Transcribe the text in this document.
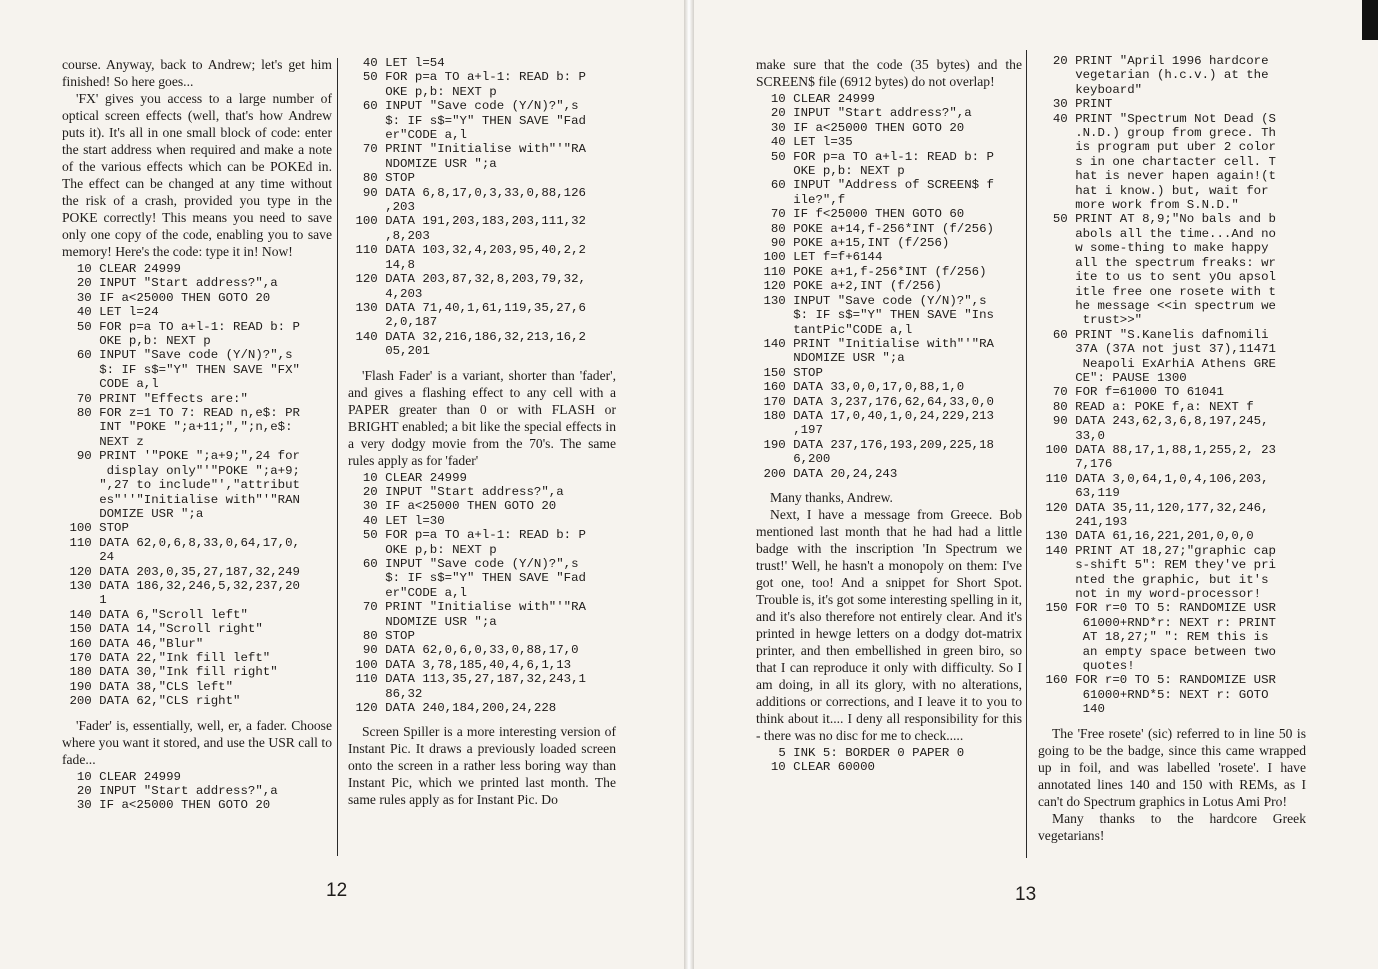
course. Anyway, back to Andrew; let's get him finished! So here goes...

'FX' gives you access to a large number of optical screen effects (well, that's how Andrew puts it). It's all in one small block of code: enter the start address when required and make a note of the various effects which can be POKEd in. The effect can be changed at any time without the risk of a crash, provided you type in the POKE correctly! This means you need to save only one copy of the code, enabling you to save memory! Here's the code: type it in! Now!

10 CLEAR 24999
20 INPUT "Start address?",a
30 IF a<25000 THEN GOTO 20
40 LET l=24
50 FOR p=a TO a+l-1: READ b: P
OKE p,b: NEXT p
60 INPUT "Save code (Y/N)?",s
$: IF s$="Y" THEN SAVE "FX"
CODE a,l
70 PRINT "Effects are:"
80 FOR z=1 TO 7: READ n,e$: PR
INT "POKE ";a+11;",";n,e$:
NEXT z
90 PRINT '"POKE ";a+9;",24 for
display only"'"POKE ";a+9;
",27 to include"',"attribut
es"''"Initialise with"'"RAN
DOMIZE USR ";a
100 STOP
110 DATA 62,0,6,8,33,0,64,17,0,
24
120 DATA 203,0,35,27,187,32,249
130 DATA 186,32,246,5,32,237,20
1
140 DATA 6,"Scroll left"
150 DATA 14,"Scroll right"
160 DATA 46,"Blur"
170 DATA 22,"Ink fill left"
180 DATA 30,"Ink fill right"
190 DATA 38,"CLS left"
200 DATA 62,"CLS right"

'Fader' is, essentially, well, er, a fader. Choose where you want it stored, and use the USR call to fade...

10 CLEAR 24999
20 INPUT "Start address?",a
30 IF a<25000 THEN GOTO 20
40 LET l=54
50 FOR p=a TO a+l-1: READ b: P
OKE p,b: NEXT p
60 INPUT "Save code (Y/N)?",s
$: IF s$="Y" THEN SAVE "Fad
er"CODE a,l
70 PRINT "Initialise with"'"RA
NDOMIZE USR ";a
80 STOP
90 DATA 6,8,17,0,3,33,0,88,126
,203
100 DATA 191,203,183,203,111,32
,8,203
110 DATA 103,32,4,203,95,40,2,2
14,8
120 DATA 203,87,32,8,203,79,32,
4,203
130 DATA 71,40,1,61,119,35,27,6
2,0,187
140 DATA 32,216,186,32,213,16,2
05,201

'Flash Fader' is a variant, shorter than 'fader', and gives a flashing effect to any cell with a PAPER greater than 0 or with FLASH or BRIGHT enabled; a bit like the special effects in a very dodgy movie from the 70's. The same rules apply as for 'fader'

10 CLEAR 24999
20 INPUT "Start address?",a
30 IF a<25000 THEN GOTO 20
40 LET l=30
50 FOR p=a TO a+l-1: READ b: P
OKE p,b: NEXT p
60 INPUT "Save code (Y/N)?",s
$: IF s$="Y" THEN SAVE "Fad
er"CODE a,l
70 PRINT "Initialise with"'"RA
NDOMIZE USR ";a
80 STOP
90 DATA 62,0,6,0,33,0,88,17,0
100 DATA 3,78,185,40,4,6,1,13
110 DATA 113,35,27,187,32,243,1
86,32
120 DATA 240,184,200,24,228

Screen Spiller is a more interesting version of Instant Pic. It draws a previously loaded screen onto the screen in a rather less boring way than Instant Pic, which we printed last month. The same rules apply as for Instant Pic. Do

12

make sure that the code (35 bytes) and the SCREEN$ file (6912 bytes) do not overlap!

10 CLEAR 24999
20 INPUT "Start address?",a
30 IF a<25000 THEN GOTO 20
40 LET l=35
50 FOR p=a TO a+l-1: READ b: P
OKE p,b: NEXT p
60 INPUT "Address of SCREEN$ f
ile?",f
70 IF f<25000 THEN GOTO 60
80 POKE a+14,f-256*INT (f/256)
90 POKE a+15,INT (f/256)
100 LET f=f+6144
110 POKE a+1,f-256*INT (f/256)
120 POKE a+2,INT (f/256)
130 INPUT "Save code (Y/N)?",s
$: IF s$="Y" THEN SAVE "Ins
tantPic"CODE a,l
140 PRINT "Initialise with"'"RA
NDOMIZE USR ";a
150 STOP
160 DATA 33,0,0,17,0,88,1,0
170 DATA 3,237,176,62,64,33,0,0
180 DATA 17,0,40,1,0,24,229,213
,197
190 DATA 237,176,193,209,225,18
6,200
200 DATA 20,24,243

Many thanks, Andrew.

Next, I have a message from Greece. Bob mentioned last month that he had had a little badge with the inscription 'In Spectrum we trust!' Well, he hasn't a monopoly on them: I've got one, too! And a snippet for Short Spot. Trouble is, it's got some interesting spelling in it, and it's also therefore not entirely clear. And it's printed in hewge letters on a dodgy dot-matrix printer, and then embellished in green biro, so that I can reproduce it only with difficulty. So I am doing, in all its glory, with no alterations, additions or corrections, and I leave it to you to think about it.... I deny all responsibility for this - there was no disc for me to check.....

5 INK 5: BORDER 0 PAPER 0
10 CLEAR 60000
20 PRINT "April 1996 hardcore
vegetarian (h.c.v.) at the
keyboard"
30 PRINT
40 PRINT "Spectrum Not Dead (S
.N.D.) group from grece. Th
is program put uber 2 color
s in one chartacter cell. T
hat is never hapen again!(t
hat i know.) but, wait for
more work from S.N.D."
50 PRINT AT 8,9;"No bals and b
abols all the time...And no
w some-thing to make happy
all the spectrum freaks: wr
ite to us to sent yOu apsol
itle free one rosete with t
he message <<in spectrum we
trust>>"
60 PRINT "S.Kanelis dafnomili
37A (37A not just 37),11471
Neapoli ExArhiA Athens GRE
CE": PAUSE 1300
70 FOR f=61000 TO 61041
80 READ a: POKE f,a: NEXT f
90 DATA 243,62,3,6,8,197,245,
33,0
100 DATA 88,17,1,88,1,255,2, 23
7,176
110 DATA 3,0,64,1,0,4,106,203,
63,119
120 DATA 35,11,120,177,32,246,
241,193
130 DATA 61,16,221,201,0,0,0
140 PRINT AT 18,27;"graphic cap
s-shift 5": REM they've pri
nted the graphic, but it's
not in my word-processor!
150 FOR r=0 TO 5: RANDOMIZE USR
61000+RND*r: NEXT r: PRINT
AT 18,27;" ": REM this is
an empty space between two
quotes!
160 FOR r=0 TO 5: RANDOMIZE USR
61000+RND*5: NEXT r: GOTO
140

The 'Free rosete' (sic) referred to in line 50 is going to be the badge, since this came wrapped up in foil, and was labelled 'rosete'. I have annotated lines 140 and 150 with REMs, as I can't do Spectrum graphics in Lotus Ami Pro!

Many thanks to the hardcore Greek vegetarians!

13
